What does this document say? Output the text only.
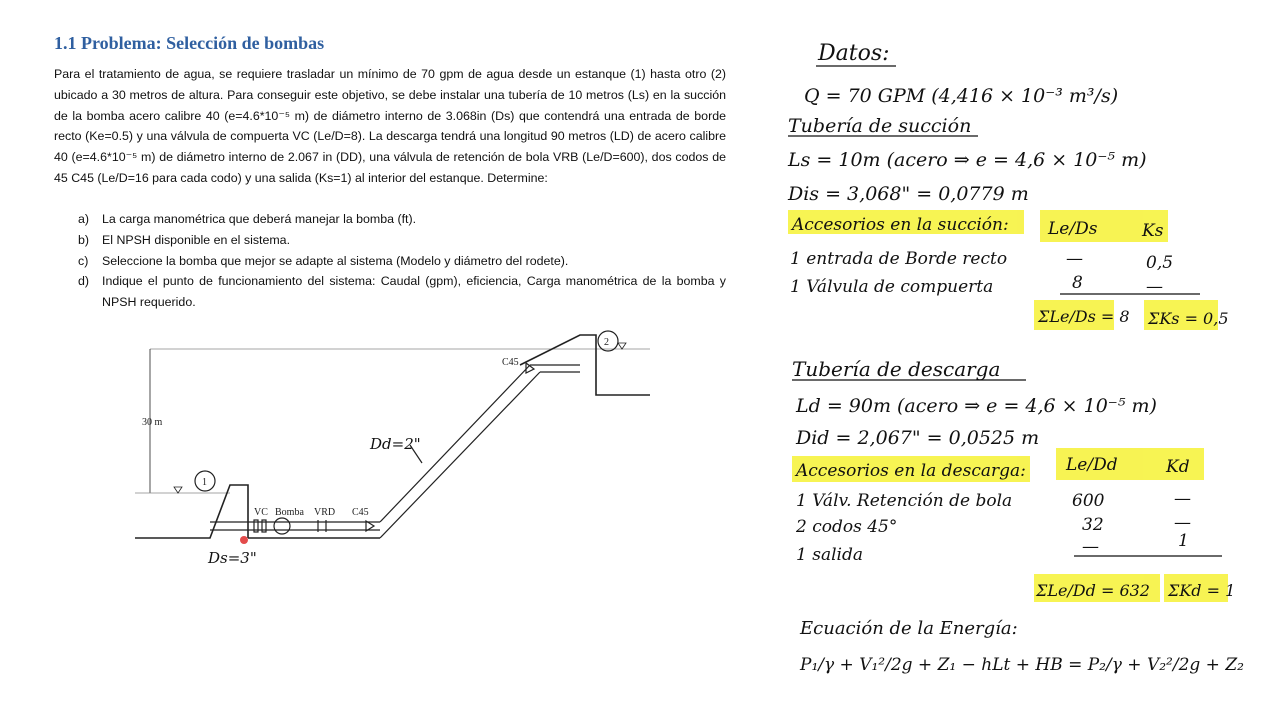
1.1 Problema: Selección de bombas
Para el tratamiento de agua, se requiere trasladar un mínimo de 70 gpm de agua desde un estanque (1) hasta otro (2) ubicado a 30 metros de altura. Para conseguir este objetivo, se debe instalar una tubería de 10 metros (Ls) en la succión de la bomba acero calibre 40 (e=4.6*10⁻⁵ m) de diámetro interno de 3.068in (Ds) que contendrá una entrada de borde recto (Ke=0.5) y una válvula de compuerta VC (Le/D=8). La descarga tendrá una longitud 90 metros (LD) de acero calibre 40 (e=4.6*10⁻⁵ m) de diámetro interno de 2.067 in (DD), una válvula de retención de bola VRB (Le/D=600), dos codos de 45 C45 (Le/D=16 para cada codo) y una salida (Ks=1) al interior del estanque. Determine:
a) La carga manométrica que deberá manejar la bomba (ft).
b) El NPSH disponible en el sistema.
c) Seleccione la bomba que mejor se adapte al sistema (Modelo y diámetro del rodete).
d) Indique el punto de funcionamiento del sistema: Caudal (gpm), eficiencia, Carga manométrica de la bomba y NPSH requerido.
30 m
1
2
VC Bomba VRD C45
C45
Dd=2"
Ds=3"
Datos:
Q = 70 GPM (4,416 × 10⁻³ m³/s)
Tubería de succión
Ls = 10m (acero ⇒ e = 4,6 × 10⁻⁵ m)
Dis = 3,068" = 0,0779 m
Accesorios en la succión: Le/Ds	Ks
1 entrada de Borde recto	—	0,5
1 Válvula de compuerta	8	—
ΣLe/Ds = 8 ΣKs = 0,5
Tubería de descarga
Ld = 90m (acero ⇒ e = 4,6 × 10⁻⁵ m)
Did = 2,067" = 0,0525 m
Accesorios en la descarga: Le/Dd	Kd
1 Válv. Retención de bola	600	—
2 codos 45°	32	—
1 salida	—	1
ΣLe/Dd = 632 ΣKd = 1
Ecuación de la Energía:
P₁/γ + V₁²/2g + Z₁ − hLt + HB = P₂/γ + V₂²/2g + Z₂
